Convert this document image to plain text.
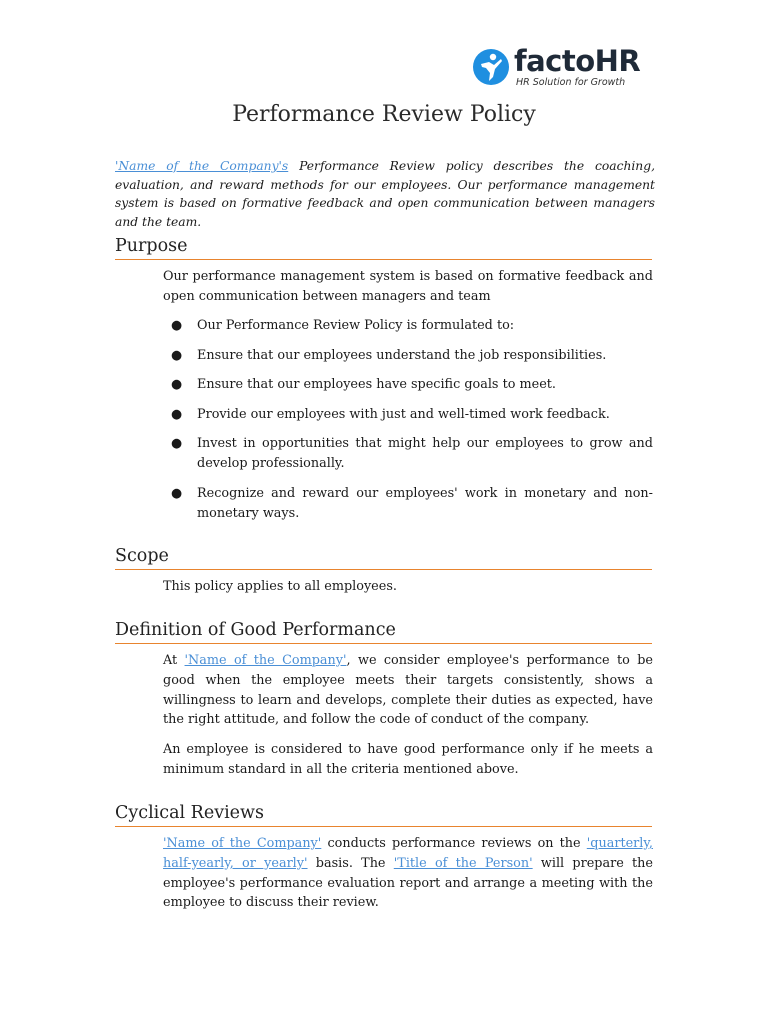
factoHR
HR Solution for Growth
Performance Review Policy

'Name of the Company's Performance Review policy describes the coaching, evaluation, and reward methods for our employees. Our performance management system is based on formative feedback and open communication between managers and the team.

Purpose

Our performance management system is based on formative feedback and open communication between managers and team

● Our Performance Review Policy is formulated to:
● Ensure that our employees understand the job responsibilities.
● Ensure that our employees have specific goals to meet.
● Provide our employees with just and well-timed work feedback.
● Invest in opportunities that might help our employees to grow and develop professionally.
● Recognize and reward our employees' work in monetary and non-monetary ways.
Scope

This policy applies to all employees.

Definition of Good Performance

At 'Name of the Company', we consider employee's performance to be good when the employee meets their targets consistently, shows a willingness to learn and develops, complete their duties as expected, have the right attitude, and follow the code of conduct of the company.

An employee is considered to have good performance only if he meets a minimum standard in all the criteria mentioned above.

Cyclical Reviews

'Name of the Company' conducts performance reviews on the 'quarterly, half-yearly, or yearly' basis. The 'Title of the Person' will prepare the employee's performance evaluation report and arrange a meeting with the employee to discuss their review.
